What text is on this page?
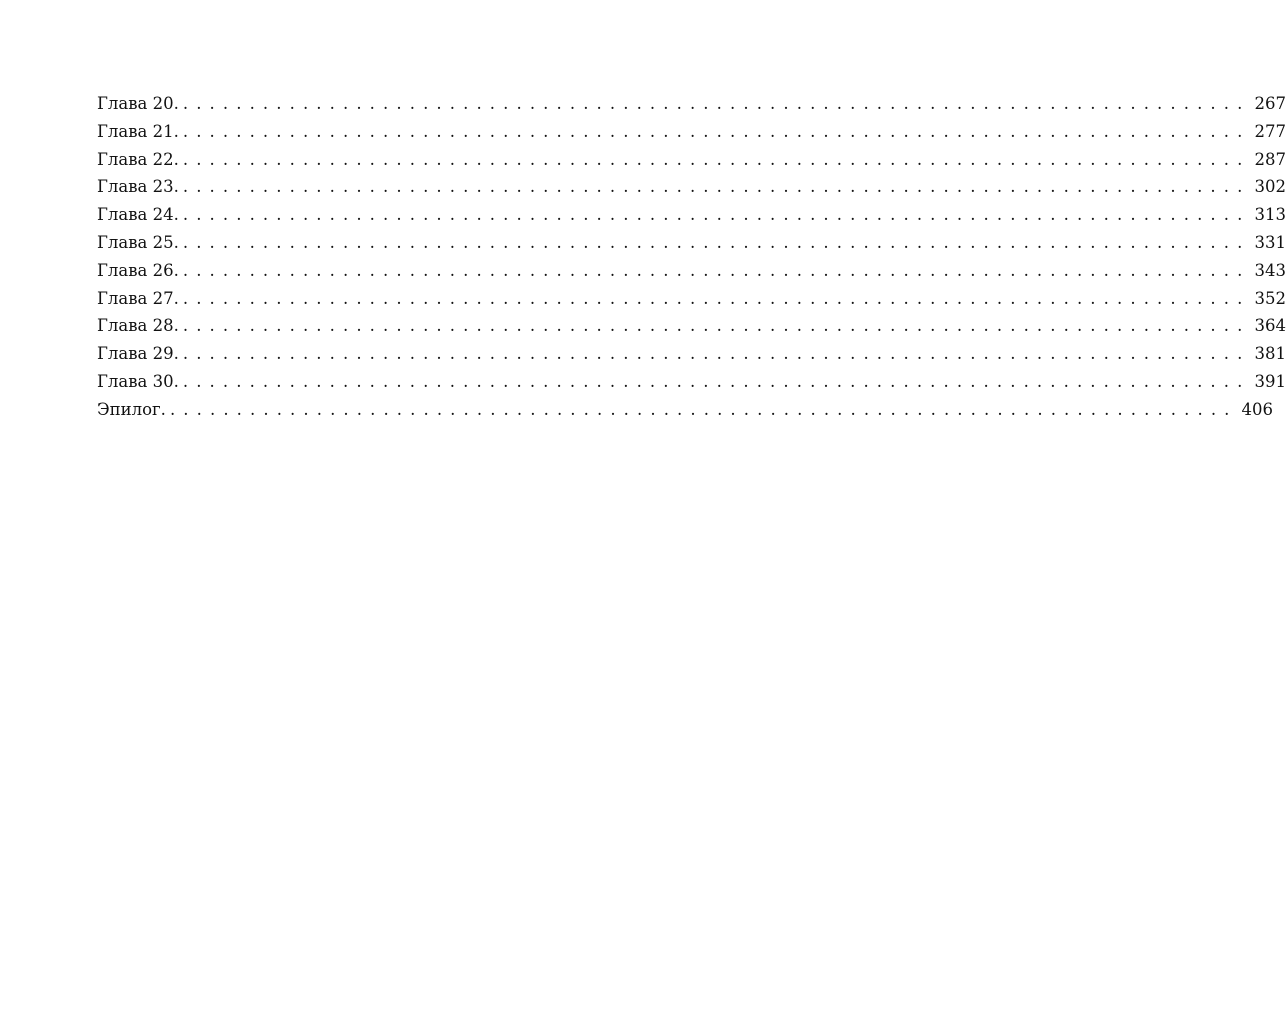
Глава 20. ................................................................................ 267
Глава 21. ................................................................................ 277
Глава 22. ................................................................................ 287
Глава 23. ................................................................................ 302
Глава 24. ................................................................................ 313
Глава 25. ................................................................................ 331
Глава 26. ................................................................................ 343
Глава 27. ................................................................................ 352
Глава 28. ................................................................................ 364
Глава 29. ................................................................................ 381
Глава 30. ................................................................................ 391
Эпилог. ................................................................................ 406
